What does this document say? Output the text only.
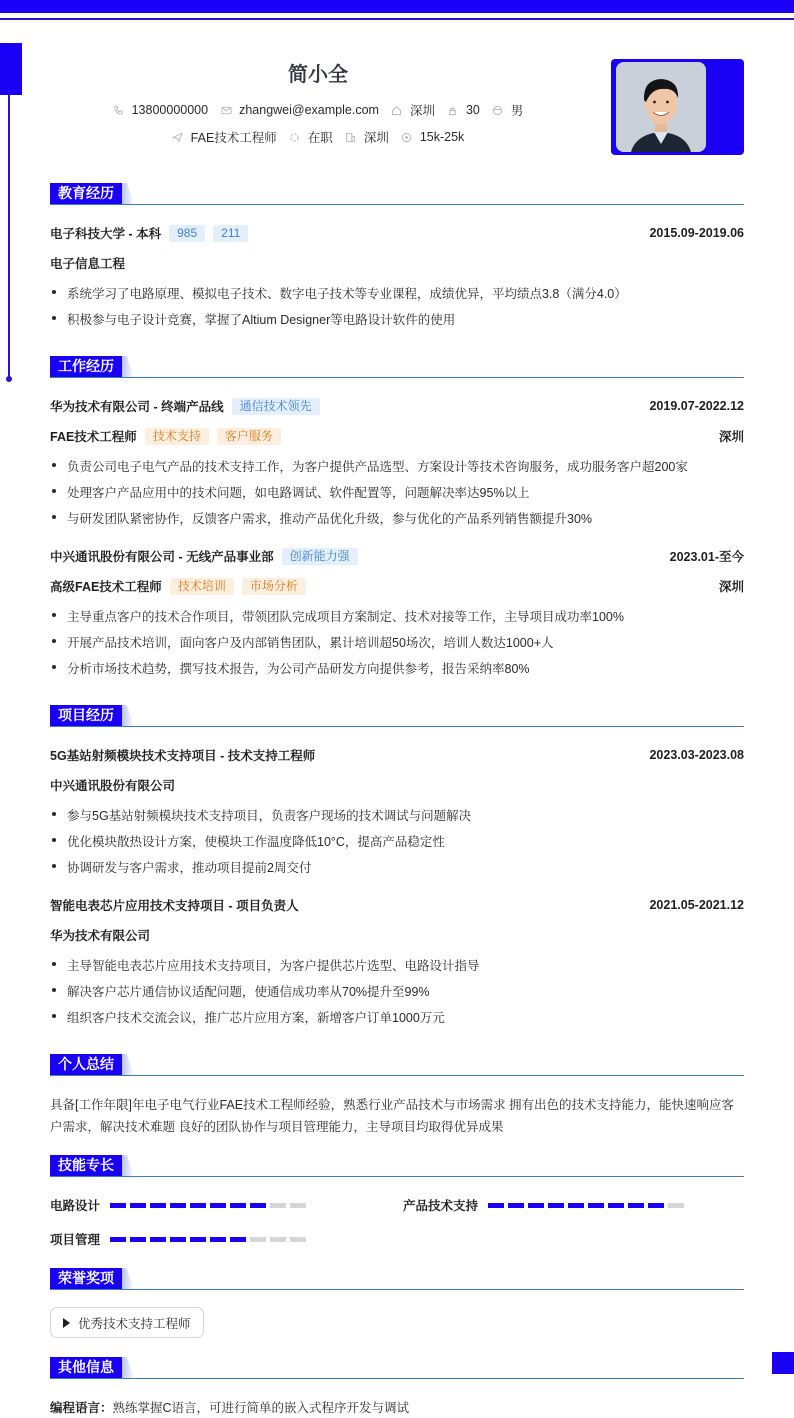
简小全
13800000000 zhangwei@example.com 深圳 30 男
FAE技术工程师 在职 深圳 15k-25k
教育经历
电子科技大学 - 本科	985	211	2015.09-2019.06
电子信息工程
系统学习了电路原理、模拟电子技术、数字电子技术等专业课程，成绩优异，平均绩点3.8（满分4.0）
积极参与电子设计竞赛，掌握了Altium Designer等电路设计软件的使用
工作经历
华为技术有限公司 - 终端产品线	通信技术领先	2019.07-2022.12
FAE技术工程师	技术支持	客户服务	深圳
负责公司电子电气产品的技术支持工作，为客户提供产品选型、方案设计等技术咨询服务，成功服务客户超200家
处理客户产品应用中的技术问题，如电路调试、软件配置等，问题解决率达95%以上
与研发团队紧密协作，反馈客户需求，推动产品优化升级，参与优化的产品系列销售额提升30%
中兴通讯股份有限公司 - 无线产品事业部	创新能力强	2023.01-至今
高级FAE技术工程师	技术培训	市场分析	深圳
主导重点客户的技术合作项目，带领团队完成项目方案制定、技术对接等工作，主导项目成功率100%
开展产品技术培训，面向客户及内部销售团队，累计培训超50场次，培训人数达1000+人
分析市场技术趋势，撰写技术报告，为公司产品研发方向提供参考，报告采纳率80%
项目经历
5G基站射频模块技术支持项目 - 技术支持工程师	2023.03-2023.08
中兴通讯股份有限公司
参与5G基站射频模块技术支持项目，负责客户现场的技术调试与问题解决
优化模块散热设计方案，使模块工作温度降低10°C，提高产品稳定性
协调研发与客户需求，推动项目提前2周交付
智能电表芯片应用技术支持项目 - 项目负责人	2021.05-2021.12
华为技术有限公司
主导智能电表芯片应用技术支持项目，为客户提供芯片选型、电路设计指导
解决客户芯片通信协议适配问题，使通信成功率从70%提升至99%
组织客户技术交流会议，推广芯片应用方案，新增客户订单1000万元
个人总结
具备[工作年限]年电子电气行业FAE技术工程师经验，熟悉行业产品技术与市场需求 拥有出色的技术支持能力，能快速响应客户需求，解决技术难题 良好的团队协作与项目管理能力，主导项目均取得优异成果
技能专长
电路设计	产品技术支持
项目管理
荣誉奖项
优秀技术支持工程师
其他信息
编程语言：熟练掌握C语言，可进行简单的嵌入式程序开发与调试
